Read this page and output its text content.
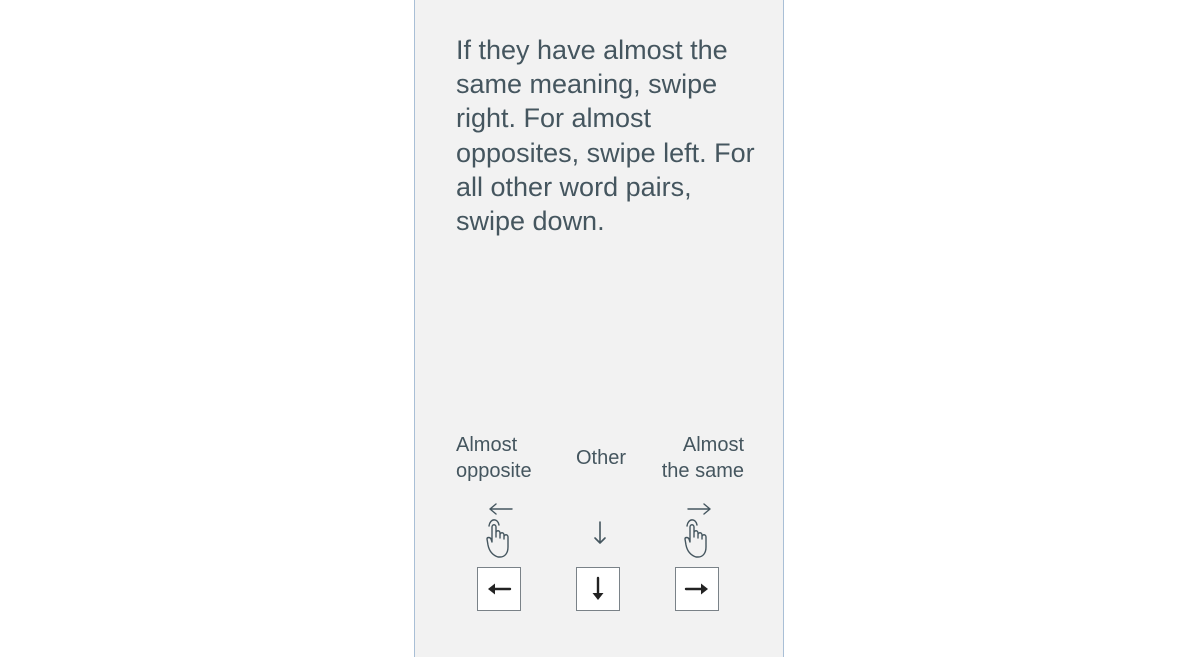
If they have almost the same meaning, swipe right. For almost opposites, swipe left. For all other word pairs, swipe down.

Almost
opposite
Other
Almost
the same
